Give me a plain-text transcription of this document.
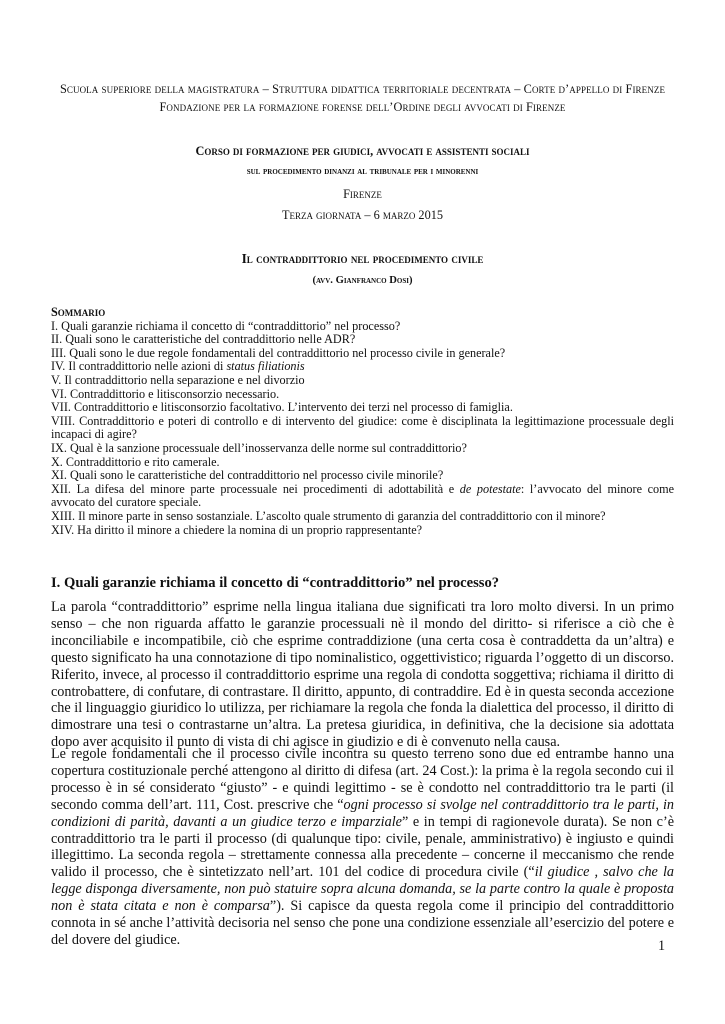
Scuola superiore della magistratura – Struttura didattica territoriale decentrata – Corte d’appello di Firenze
Fondazione per la formazione forense dell’Ordine degli avvocati di Firenze
Corso di formazione per giudici, avvocati e assistenti sociali
sul procedimento dinanzi al tribunale per i minorenni
Firenze
Terza giornata – 6 marzo 2015
Il contraddittorio nel procedimento civile
(avv. Gianfranco Dosi)
Sommario
I. Quali garanzie richiama il concetto di “contraddittorio” nel processo?
II. Quali sono le caratteristiche del contraddittorio nelle ADR?
III. Quali sono le due regole fondamentali del contraddittorio nel processo civile in generale?
IV. Il contraddittorio nelle azioni di status filiationis
V. Il contraddittorio nella separazione e nel divorzio
VI. Contraddittorio e litisconsorzio necessario.
VII. Contraddittorio e litisconsorzio facoltativo. L’intervento dei terzi nel processo di famiglia.
VIII. Contraddittorio e poteri di controllo e di intervento del giudice: come è disciplinata la legittimazione processuale degli incapaci di agire?
IX. Qual è la sanzione processuale dell’inosservanza delle norme sul contraddittorio?
X. Contraddittorio e rito camerale.
XI. Quali sono le caratteristiche del contraddittorio nel processo civile minorile?
XII. La difesa del minore parte processuale nei procedimenti di adottabilità e de potestate: l’avvocato del minore come avvocato del curatore speciale.
XIII. Il minore parte in senso sostanziale. L’ascolto quale strumento di garanzia del contraddittorio con il minore?
XIV. Ha diritto il minore a chiedere la nomina di un proprio rappresentante?
I. Quali garanzie richiama il concetto di “contraddittorio” nel processo?
La parola “contraddittorio” esprime nella lingua italiana due significati tra loro molto diversi. In un primo senso – che non riguarda affatto le garanzie processuali nè il mondo del diritto- si riferisce a ciò che è inconciliabile e incompatibile, ciò che esprime contraddizione (una certa cosa è contraddetta da un’altra) e questo significato ha una connotazione di tipo nominalistico, oggettivistico; riguarda l’oggetto di un discorso. Riferito, invece, al processo il contraddittorio esprime una regola di condotta soggettiva; richiama il diritto di controbattere, di confutare, di contrastare. Il diritto, appunto, di contraddire. Ed è in questa seconda accezione che il linguaggio giuridico lo utilizza, per richiamare la regola che fonda la dialettica del processo, il diritto di dimostrare una tesi o contrastarne un’altra. La pretesa giuridica, in definitiva, che la decisione sia adottata dopo aver acquisito il punto di vista di chi agisce in giudizio e di è convenuto nella causa.
Le regole fondamentali che il processo civile incontra su questo terreno sono due ed entrambe hanno una copertura costituzionale perché attengono al diritto di difesa (art. 24 Cost.): la prima è la regola secondo cui il processo è in sé considerato “giusto” - e quindi legittimo - se è condotto nel contraddittorio tra le parti (il secondo comma dell’art. 111, Cost. prescrive che “ogni processo si svolge nel contraddittorio tra le parti, in condizioni di parità, davanti a un giudice terzo e imparziale” e in tempi di ragionevole durata). Se non c’è contraddittorio tra le parti il processo (di qualunque tipo: civile, penale, amministrativo) è ingiusto e quindi illegittimo. La seconda regola – strettamente connessa alla precedente – concerne il meccanismo che rende valido il processo, che è sintetizzato nell’art. 101 del codice di procedura civile (“il giudice , salvo che la legge disponga diversamente, non può statuire sopra alcuna domanda, se la parte contro la quale è proposta non è stata citata e non è comparsa”). Si capisce da questa regola come il principio del contraddittorio connota in sé anche l’attività decisoria nel senso che pone una condizione essenziale all’esercizio del potere e del dovere del giudice.	1
